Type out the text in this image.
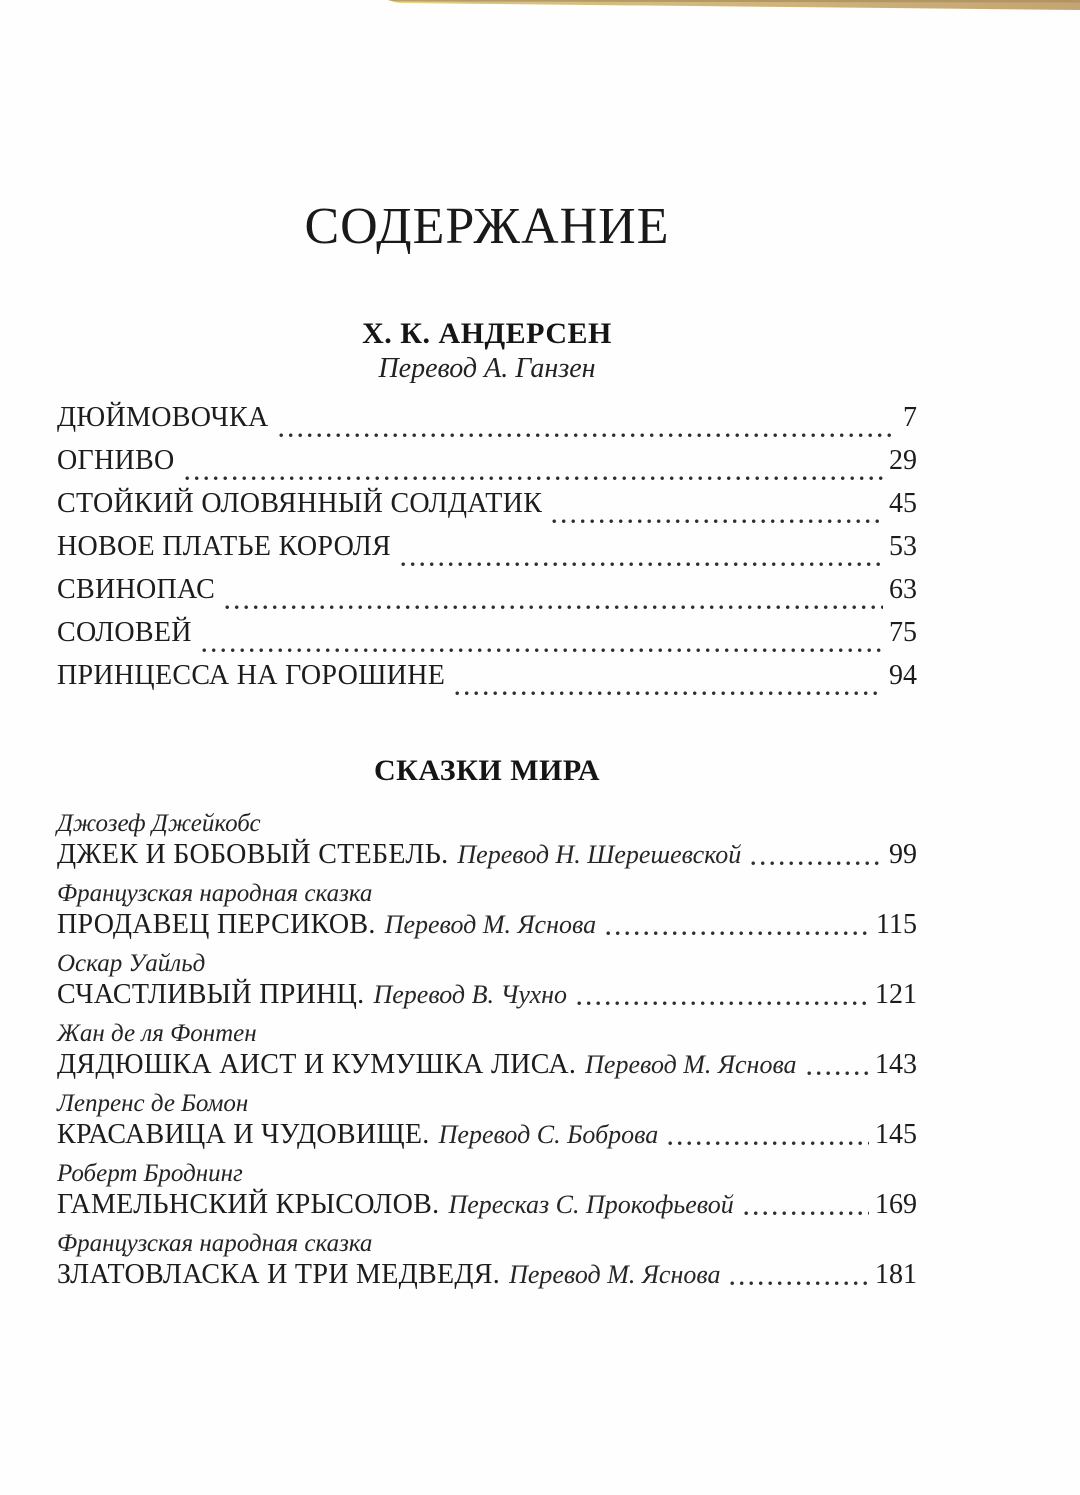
СОДЕРЖАНИЕ
Х. К. АНДЕРСЕН
Перевод А. Ганзен
ДЮЙМОВОЧКА	7
ОГНИВО	29
СТОЙКИЙ ОЛОВЯННЫЙ СОЛДАТИК	45
НОВОЕ ПЛАТЬЕ КОРОЛЯ	53
СВИНОПАС	63
СОЛОВЕЙ	75
ПРИНЦЕССА НА ГОРОШИНЕ	94
СКАЗКИ МИРА
Джозеф Джейкобс
ДЖЕК И БОБОВЫЙ СТЕБЕЛЬ. Перевод Н. Шерешевской	99
Французская народная сказка
ПРОДАВЕЦ ПЕРСИКОВ. Перевод М. Яснова	115
Оскар Уайльд
СЧАСТЛИВЫЙ ПРИНЦ. Перевод В. Чухно	121
Жан де ля Фонтен
ДЯДЮШКА АИСТ И КУМУШКА ЛИСА. Перевод М. Яснова	143
Лепренс де Бомон
КРАСАВИЦА И ЧУДОВИЩЕ. Перевод С. Боброва	145
Роберт Броднинг
ГАМЕЛЬНСКИЙ КРЫСОЛОВ. Пересказ С. Прокофьевой	169
Французская народная сказка
ЗЛАТОВЛАСКА И ТРИ МЕДВЕДЯ. Перевод М. Яснова	181
